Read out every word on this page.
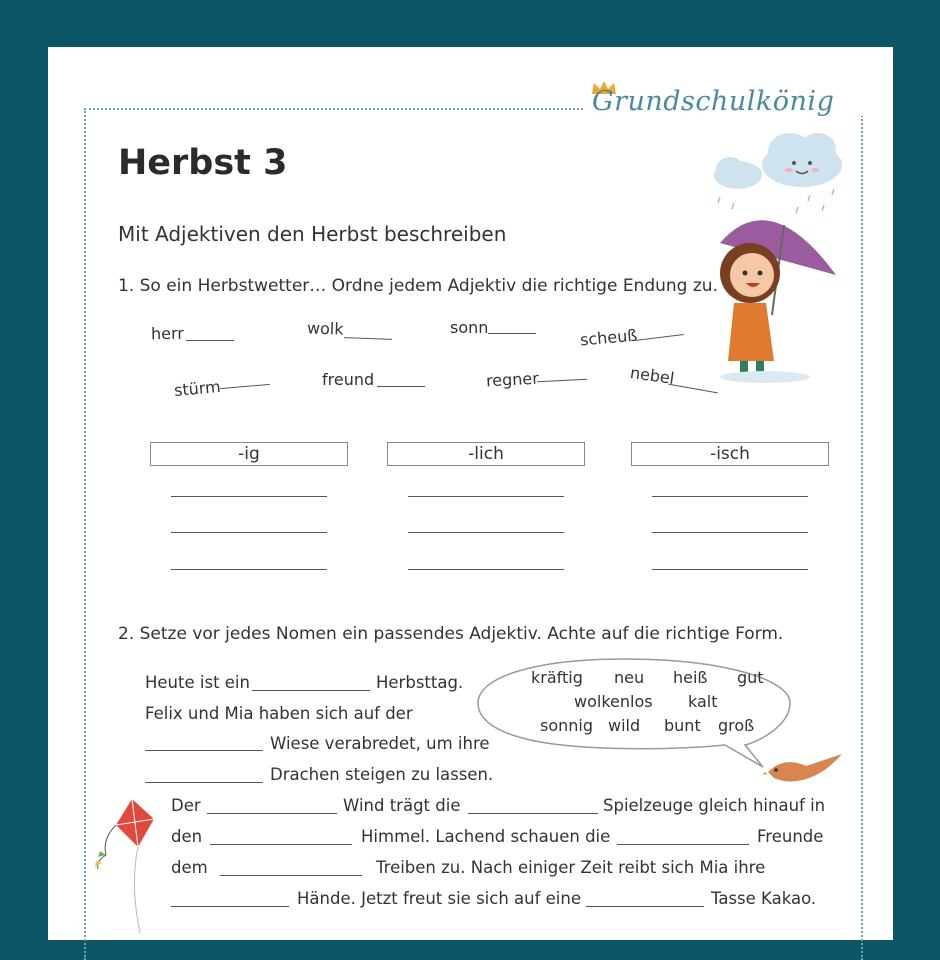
Grundschulkönig
Herbst 3
Mit Adjektiven den Herbst beschreiben
1. So ein Herbstwetter… Ordne jedem Adjektiv die richtige Endung zu.
herr	wolk	sonn	scheuß
stürm	freund	regner	nebel
-ig	-lich	-isch
2. Setze vor jedes Nomen ein passendes Adjektiv. Achte auf die richtige Form.
kräftig neu heiß gut
wolkenlos kalt
sonnig wild bunt groß
Heute ist ein	Herbsttag.
Felix und Mia haben sich auf der
Wiese verabredet, um ihre
Drachen steigen zu lassen.
Der	Wind trägt die	Spielzeuge gleich hinauf in
den	Himmel. Lachend schauen die	Freunde
dem	Treiben zu. Nach einiger Zeit reibt sich Mia ihre
Hände. Jetzt freut sie sich auf eine	Tasse Kakao.
